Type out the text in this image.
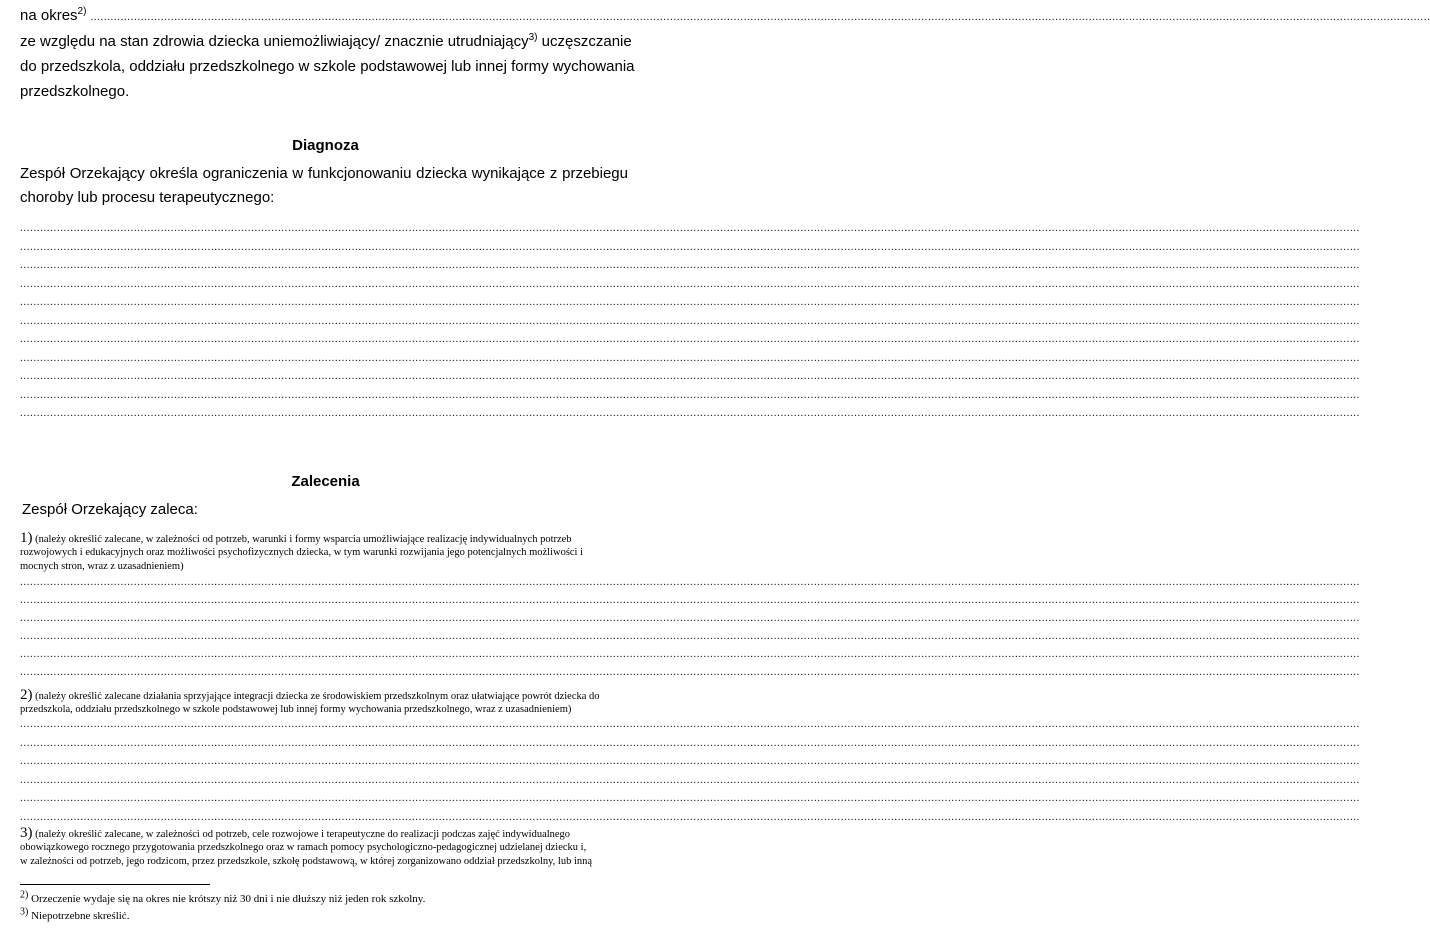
na okres$^{2)}$ ................................................................................................................................................................................................................................................................................................................................................................................................................
ze względu na stan zdrowia dziecka uniemożliwiający/ znacznie utrudniający$^{3)}$ uczęszczanie
do przedszkola, oddziału przedszkolnego w szkole podstawowej lub innej formy wychowania
przedszkolnego.
Diagnoza
Zespół Orzekający określa ograniczenia w funkcjonowaniu dziecka wynikające z przebiegu
choroby lub procesu terapeutycznego:
................................................................................................................................................................................................................................................................................................................................................................................................................
................................................................................................................................................................................................................................................................................................................................................................................................................
................................................................................................................................................................................................................................................................................................................................................................................................................
................................................................................................................................................................................................................................................................................................................................................................................................................
................................................................................................................................................................................................................................................................................................................................................................................................................
................................................................................................................................................................................................................................................................................................................................................................................................................
................................................................................................................................................................................................................................................................................................................................................................................................................
................................................................................................................................................................................................................................................................................................................................................................................................................
................................................................................................................................................................................................................................................................................................................................................................................................................
................................................................................................................................................................................................................................................................................................................................................................................................................
................................................................................................................................................................................................................................................................................................................................................................................................................
Zalecenia
Zespół Orzekający zaleca:
1) (należy określić zalecane, w zależności od potrzeb, warunki i formy wsparcia umożliwiające realizację indywidualnych potrzeb
rozwojowych i edukacyjnych oraz możliwości psychofizycznych dziecka, w tym warunki rozwijania jego potencjalnych możliwości i
mocnych stron, wraz z uzasadnieniem)
................................................................................................................................................................................................................................................................................................................................................................................................................
................................................................................................................................................................................................................................................................................................................................................................................................................
................................................................................................................................................................................................................................................................................................................................................................................................................
................................................................................................................................................................................................................................................................................................................................................................................................................
................................................................................................................................................................................................................................................................................................................................................................................................................
................................................................................................................................................................................................................................................................................................................................................................................................................
2) (należy określić zalecane działania sprzyjające integracji dziecka ze środowiskiem przedszkolnym oraz ułatwiające powrót dziecka do
przedszkola, oddziału przedszkolnego w szkole podstawowej lub innej formy wychowania przedszkolnego, wraz z uzasadnieniem)
................................................................................................................................................................................................................................................................................................................................................................................................................
................................................................................................................................................................................................................................................................................................................................................................................................................
................................................................................................................................................................................................................................................................................................................................................................................................................
................................................................................................................................................................................................................................................................................................................................................................................................................
................................................................................................................................................................................................................................................................................................................................................................................................................
................................................................................................................................................................................................................................................................................................................................................................................................................
3) (należy określić zalecane, w zależności od potrzeb, cele rozwojowe i terapeutyczne do realizacji podczas zajęć indywidualnego
obowiązkowego rocznego przygotowania przedszkolnego oraz w ramach pomocy psychologiczno-pedagogicznej udzielanej dziecku i,
w zależności od potrzeb, jego rodzicom, przez przedszkole, szkołę podstawową, w której zorganizowano oddział przedszkolny, lub inną
2) Orzeczenie wydaje się na okres nie krótszy niż 30 dni i nie dłuższy niż jeden rok szkolny.
3) Niepotrzebne skreślić.
